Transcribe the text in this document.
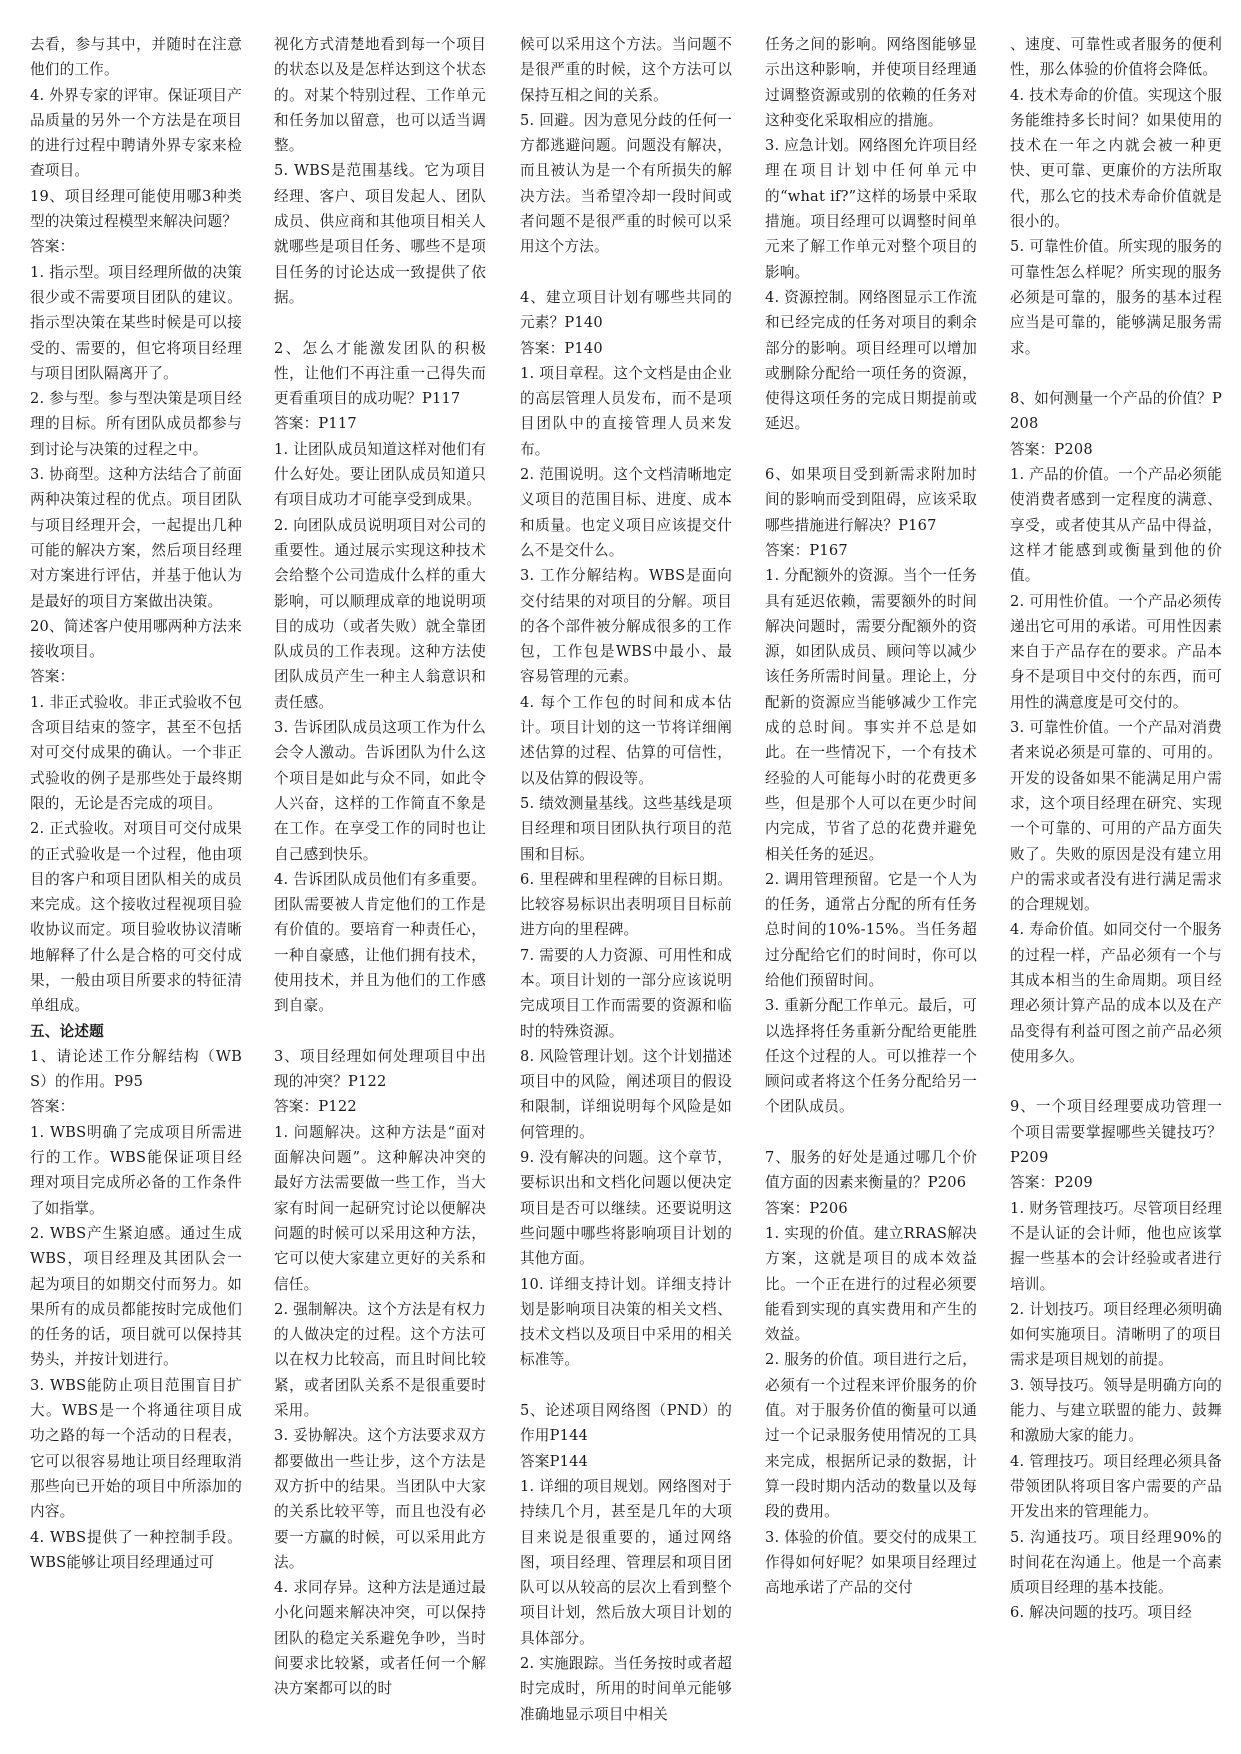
去看，参与其中，并随时在注意他们的工作。

4. 外界专家的评审。保证项目产品质量的另外一个方法是在项目的进行过程中聘请外界专家来检查项目。

19、项目经理可能使用哪3种类型的决策过程模型来解决问题？

答案：

1. 指示型。项目经理所做的决策很少或不需要项目团队的建议。指示型决策在某些时候是可以接受的、需要的，但它将项目经理与项目团队隔离开了。

2. 参与型。参与型决策是项目经理的目标。所有团队成员都参与到讨论与决策的过程之中。

3. 协商型。这种方法结合了前面两种决策过程的优点。项目团队与项目经理开会，一起提出几种可能的解决方案，然后项目经理对方案进行评估，并基于他认为是最好的项目方案做出决策。

20、简述客户使用哪两种方法来接收项目。

答案：

1. 非正式验收。非正式验收不包含项目结束的签字，甚至不包括对可交付成果的确认。一个非正式验收的例子是那些处于最终期限的，无论是否完成的项目。

2. 正式验收。对项目可交付成果的正式验收是一个过程，他由项目的客户和项目团队相关的成员来完成。这个接收过程视项目验收协议而定。项目验收协议清晰地解释了什么是合格的可交付成果，一般由项目所要求的特征清单组成。

五、论述题

1、请论述工作分解结构（WBS）的作用。P95

答案：

1. WBS明确了完成项目所需进行的工作。WBS能保证项目经理对项目完成所必备的工作条件了如指掌。

2. WBS产生紧迫感。通过生成WBS，项目经理及其团队会一起为项目的如期交付而努力。如果所有的成员都能按时完成他们的任务的话，项目就可以保持其势头，并按计划进行。

3. WBS能防止项目范围盲目扩大。WBS是一个将通往项目成功之路的每一个活动的日程表，它可以很容易地让项目经理取消那些向已开始的项目中所添加的内容。

4. WBS提供了一种控制手段。WBS能够让项目经理通过可

视化方式清楚地看到每一个项目的状态以及是怎样达到这个状态的。对某个特别过程、工作单元和任务加以留意，也可以适当调整。

5. WBS是范围基线。它为项目经理、客户、项目发起人、团队成员、供应商和其他项目相关人就哪些是项目任务、哪些不是项目任务的讨论达成一致提供了依据。

2、怎么才能激发团队的积极性，让他们不再注重一己得失而更看重项目的成功呢？P117

答案：P117

1. 让团队成员知道这样对他们有什么好处。要让团队成员知道只有项目成功才可能享受到成果。

2. 向团队成员说明项目对公司的重要性。通过展示实现这种技术会给整个公司造成什么样的重大影响，可以顺理成章的地说明项目的成功（或者失败）就全靠团队成员的工作表现。这种方法使团队成员产生一种主人翁意识和责任感。

3. 告诉团队成员这项工作为什么会令人激动。告诉团队为什么这个项目是如此与众不同，如此令人兴奋，这样的工作简直不象是在工作。在享受工作的同时也让自己感到快乐。

4. 告诉团队成员他们有多重要。团队需要被人肯定他们的工作是有价值的。要培育一种责任心，一种自豪感，让他们拥有技术，使用技术，并且为他们的工作感到自豪。

3、项目经理如何处理项目中出现的冲突？P122

答案：P122

1. 问题解决。这种方法是“面对面解决问题”。这种解决冲突的最好方法需要做一些工作，当大家有时间一起研究讨论以便解决问题的时候可以采用这种方法，它可以使大家建立更好的关系和信任。

2. 强制解决。这个方法是有权力的人做决定的过程。这个方法可以在权力比较高，而且时间比较紧，或者团队关系不是很重要时采用。

3. 妥协解决。这个方法要求双方都要做出一些让步，这个方法是双方折中的结果。当团队中大家的关系比较平等，而且也没有必要一方赢的时候，可以采用此方法。

4. 求同存异。这种方法是通过最小化问题来解决冲突，可以保持团队的稳定关系避免争吵，当时间要求比较紧，或者任何一个解决方案都可以的时

候可以采用这个方法。当问题不是很严重的时候，这个方法可以保持互相之间的关系。

5. 回避。因为意见分歧的任何一方都逃避问题。问题没有解决，而且被认为是一个有所损失的解决方法。当希望冷却一段时间或者问题不是很严重的时候可以采用这个方法。

4、建立项目计划有哪些共同的元素？P140

答案：P140

1. 项目章程。这个文档是由企业的高层管理人员发布，而不是项目团队中的直接管理人员来发布。

2. 范围说明。这个文档清晰地定义项目的范围目标、进度、成本和质量。也定义项目应该提交什么不是交什么。

3. 工作分解结构。WBS是面向交付结果的对项目的分解。项目的各个部件被分解成很多的工作包，工作包是WBS中最小、最容易管理的元素。

4. 每个工作包的时间和成本估计。项目计划的这一节将详细阐述估算的过程、估算的可信性，以及估算的假设等。

5. 绩效测量基线。这些基线是项目经理和项目团队执行项目的范围和目标。

6. 里程碑和里程碑的目标日期。比较容易标识出表明项目目标前进方向的里程碑。

7. 需要的人力资源、可用性和成本。项目计划的一部分应该说明完成项目工作而需要的资源和临时的特殊资源。

8. 风险管理计划。这个计划描述项目中的风险，阐述项目的假设和限制，详细说明每个风险是如何管理的。

9. 没有解决的问题。这个章节，要标识出和文档化问题以便决定项目是否可以继续。还要说明这些问题中哪些将影响项目计划的其他方面。

10. 详细支持计划。详细支持计划是影响项目决策的相关文档、技术文档以及项目中采用的相关标准等。

5、论述项目网络图（PND）的作用P144

答案P144

1. 详细的项目规划。网络图对于持续几个月，甚至是几年的大项目来说是很重要的，通过网络图，项目经理、管理层和项目团队可以从较高的层次上看到整个项目计划，然后放大项目计划的具体部分。

2. 实施跟踪。当任务按时或者超时完成时，所用的时间单元能够准确地显示项目中相关

任务之间的影响。网络图能够显示出这种影响，并使项目经理通过调整资源或别的依赖的任务对这种变化采取相应的措施。

3. 应急计划。网络图允许项目经理在项目计划中任何单元中的“what if?”这样的场景中采取措施。项目经理可以调整时间单元来了解工作单元对整个项目的影响。

4. 资源控制。网络图显示工作流和已经完成的任务对项目的剩余部分的影响。项目经理可以增加或删除分配给一项任务的资源，使得这项任务的完成日期提前或延迟。

6、如果项目受到新需求附加时间的影响而受到阻碍，应该采取哪些措施进行解决？P167

答案：P167

1. 分配额外的资源。当个一任务具有延迟依赖，需要额外的时间解决问题时，需要分配额外的资源，如团队成员、顾问等以减少该任务所需时间量。理论上，分配新的资源应当能够减少工作完成的总时间。事实并不总是如此。在一些情况下，一个有技术经验的人可能每小时的花费更多些，但是那个人可以在更少时间内完成，节省了总的花费并避免相关任务的延迟。

2. 调用管理预留。它是一个人为的任务，通常占分配的所有任务总时间的10%-15%。当任务超过分配给它们的时间时，你可以给他们预留时间。

3. 重新分配工作单元。最后，可以选择将任务重新分配给更能胜任这个过程的人。可以推荐一个顾问或者将这个任务分配给另一个团队成员。

7、服务的好处是通过哪几个价值方面的因素来衡量的？P206

答案：P206

1. 实现的价值。建立RRAS解决方案，这就是项目的成本效益比。一个正在进行的过程必须要能看到实现的真实费用和产生的效益。

2. 服务的价值。项目进行之后，必须有一个过程来评价服务的价值。对于服务价值的衡量可以通过一个记录服务使用情况的工具来完成，根据所记录的数据，计算一段时期内活动的数量以及每段的费用。

3. 体验的价值。要交付的成果工作得如何好呢？如果项目经理过高地承诺了产品的交付

、速度、可靠性或者服务的便利性，那么体验的价值将会降低。

4. 技术寿命的价值。实现这个服务能维持多长时间？如果使用的技术在一年之内就会被一种更快、更可靠、更廉价的方法所取代，那么它的技术寿命价值就是很小的。

5. 可靠性价值。所实现的服务的可靠性怎么样呢？所实现的服务必须是可靠的，服务的基本过程应当是可靠的，能够满足服务需求。

8、如何测量一个产品的价值？P208

答案：P208

1. 产品的价值。一个产品必须能使消费者感到一定程度的满意、享受，或者使其从产品中得益，这样才能感到或衡量到他的价值。

2. 可用性价值。一个产品必须传递出它可用的承诺。可用性因素来自于产品存在的要求。产品本身不是项目中交付的东西，而可用性的满意度是可交付的。

3. 可靠性价值。一个产品对消费者来说必须是可靠的、可用的。开发的设备如果不能满足用户需求，这个项目经理在研究、实现一个可靠的、可用的产品方面失败了。失败的原因是没有建立用户的需求或者没有进行满足需求的合理规划。

4. 寿命价值。如同交付一个服务的过程一样，产品必须有一个与其成本相当的生命周期。项目经理必须计算产品的成本以及在产品变得有利益可图之前产品必须使用多久。

9、一个项目经理要成功管理一个项目需要掌握哪些关键技巧？P209

答案：P209

1. 财务管理技巧。尽管项目经理不是认证的会计师，他也应该掌握一些基本的会计经验或者进行培训。

2. 计划技巧。项目经理必须明确如何实施项目。清晰明了的项目需求是项目规划的前提。

3. 领导技巧。领导是明确方向的能力、与建立联盟的能力、鼓舞和激励大家的能力。

4. 管理技巧。项目经理必须具备带领团队将项目客户需要的产品开发出来的管理能力。

5. 沟通技巧。项目经理90%的时间花在沟通上。他是一个高素质项目经理的基本技能。

6. 解决问题的技巧。项目经
